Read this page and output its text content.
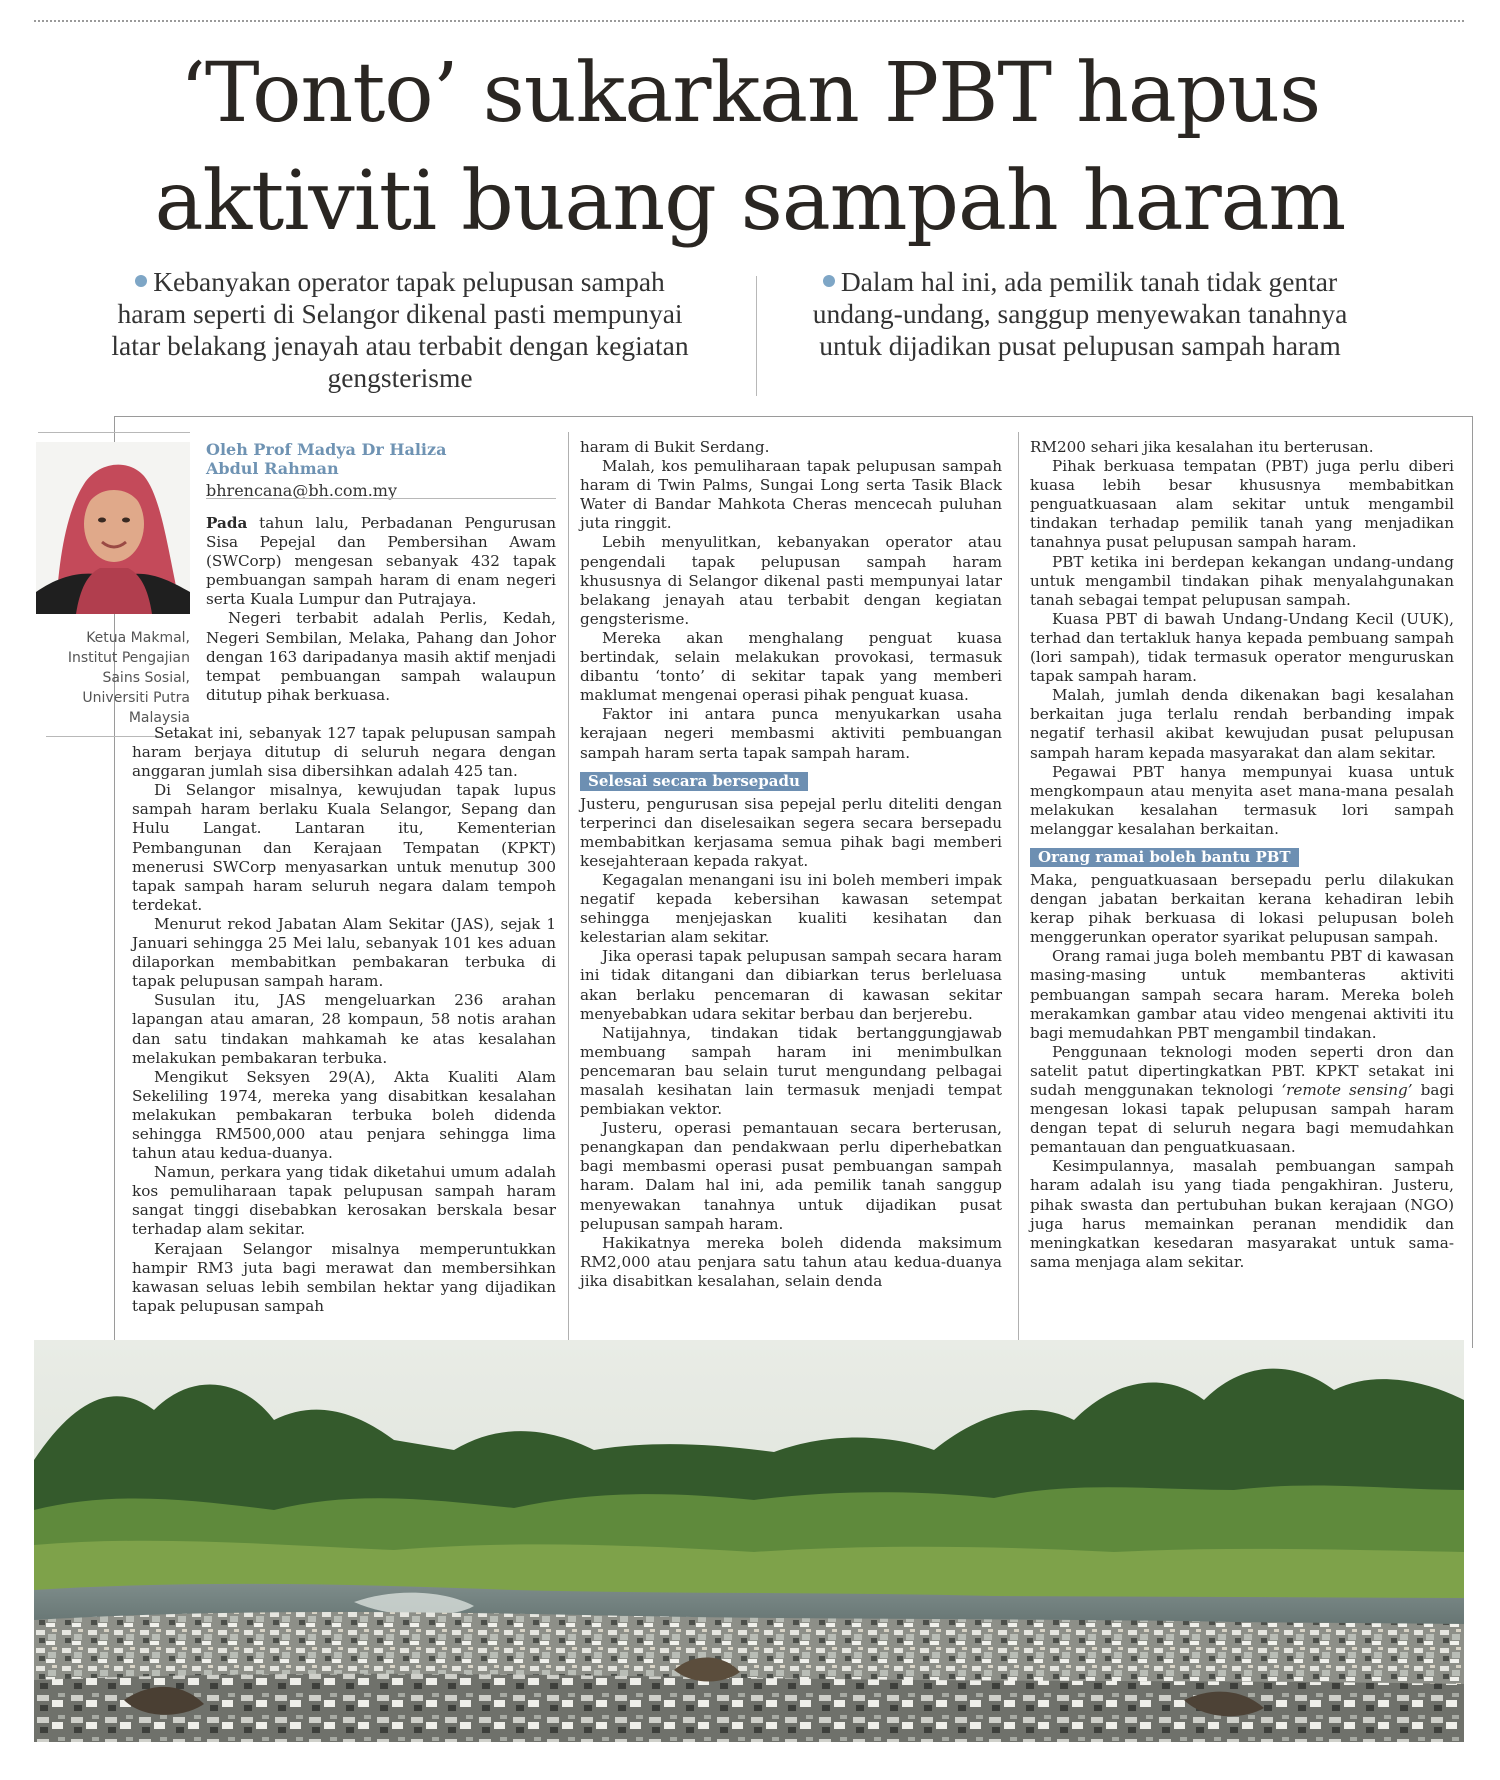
‘Tonto’ sukarkan PBT hapus
aktiviti buang sampah haram
Kebanyakan operator tapak pelupusan sampah haram seperti di Selangor dikenal pasti mempunyai latar belakang jenayah atau terbabit dengan kegiatan gengsterisme
Dalam hal ini, ada pemilik tanah tidak gentar undang-undang, sanggup menyewakan tanahnya untuk dijadikan pusat pelupusan sampah haram
Ketua Makmal,
Institut Pengajian
Sains Sosial,
Universiti Putra
Malaysia
Oleh Prof Madya Dr Haliza
Abdul Rahman
bhrencana@bh.com.my

Pada tahun lalu, Perbadanan Pengurusan Sisa Pepejal dan Pembersihan Awam (SWCorp) mengesan sebanyak 432 tapak pembuangan sampah haram di enam negeri serta Kuala Lumpur dan Putrajaya.

Negeri terbabit adalah Perlis, Kedah, Negeri Sembilan, Melaka, Pahang dan Johor dengan 163 daripadanya masih aktif menjadi tempat pembuangan sampah walaupun ditutup pihak berkuasa.

Setakat ini, sebanyak 127 tapak pelupusan sampah haram berjaya ditutup di seluruh negara dengan anggaran jumlah sisa dibersihkan adalah 425 tan.

Di Selangor misalnya, kewujudan tapak lupus sampah haram berlaku Kuala Selangor, Sepang dan Hulu Langat. Lantaran itu, Kementerian Pembangunan dan Kerajaan Tempatan (KPKT) menerusi SWCorp menyasarkan untuk menutup 300 tapak sampah haram seluruh negara dalam tempoh terdekat.

Menurut rekod Jabatan Alam Sekitar (JAS), sejak 1 Januari sehingga 25 Mei lalu, sebanyak 101 kes aduan dilaporkan membabitkan pembakaran terbuka di tapak pelupusan sampah haram.

Susulan itu, JAS mengeluarkan 236 arahan lapangan atau amaran, 28 kompaun, 58 notis arahan dan satu tindakan mahkamah ke atas kesalahan melakukan pembakaran terbuka.

Mengikut Seksyen 29(A), Akta Kualiti Alam Sekeliling 1974, mereka yang disabitkan kesalahan melakukan pembakaran terbuka boleh didenda sehingga RM500,000 atau penjara sehingga lima tahun atau kedua-duanya.

Namun, perkara yang tidak diketahui umum adalah kos pemuliharaan tapak pelupusan sampah haram sangat tinggi disebabkan kerosakan berskala besar terhadap alam sekitar.

Kerajaan Selangor misalnya memperuntukkan hampir RM3 juta bagi merawat dan membersihkan kawasan seluas lebih sembilan hektar yang dijadikan tapak pelupusan sampah

haram di Bukit Serdang.

Malah, kos pemuliharaan tapak pelupusan sampah haram di Twin Palms, Sungai Long serta Tasik Black Water di Bandar Mahkota Cheras mencecah puluhan juta ringgit.

Lebih menyulitkan, kebanyakan operator atau pengendali tapak pelupusan sampah haram khususnya di Selangor dikenal pasti mempunyai latar belakang jenayah atau terbabit dengan kegiatan gengsterisme.

Mereka akan menghalang penguat kuasa bertindak, selain melakukan provokasi, termasuk dibantu ‘tonto’ di sekitar tapak yang memberi maklumat mengenai operasi pihak penguat kuasa.

Faktor ini antara punca menyukarkan usaha kerajaan negeri membasmi aktiviti pembuangan sampah haram serta tapak sampah haram.

Selesai secara bersepadu

Justeru, pengurusan sisa pepejal perlu diteliti dengan terperinci dan diselesaikan segera secara bersepadu membabitkan kerjasama semua pihak bagi memberi kesejahteraan kepada rakyat.

Kegagalan menangani isu ini boleh memberi impak negatif kepada kebersihan kawasan setempat sehingga menjejaskan kualiti kesihatan dan kelestarian alam sekitar.

Jika operasi tapak pelupusan sampah secara haram ini tidak ditangani dan dibiarkan terus berleluasa akan berlaku pencemaran di kawasan sekitar menyebabkan udara sekitar berbau dan berjerebu.

Natijahnya, tindakan tidak bertanggungjawab membuang sampah haram ini menimbulkan pencemaran bau selain turut mengundang pelbagai masalah kesihatan lain termasuk menjadi tempat pembiakan vektor.

Justeru, operasi pemantauan secara berterusan, penangkapan dan pendakwaan perlu diperhebatkan bagi membasmi operasi pusat pembuangan sampah haram. Dalam hal ini, ada pemilik tanah sanggup menyewakan tanahnya untuk dijadikan pusat pelupusan sampah haram.

Hakikatnya mereka boleh didenda maksimum RM2,000 atau penjara satu tahun atau kedua-duanya jika disabitkan kesalahan, selain denda

RM200 sehari jika kesalahan itu berterusan.

Pihak berkuasa tempatan (PBT) juga perlu diberi kuasa lebih besar khususnya membabitkan penguatkuasaan alam sekitar untuk mengambil tindakan terhadap pemilik tanah yang menjadikan tanahnya pusat pelupusan sampah haram.

PBT ketika ini berdepan kekangan undang-undang untuk mengambil tindakan pihak menyalahgunakan tanah sebagai tempat pelupusan sampah.

Kuasa PBT di bawah Undang-Undang Kecil (UUK), terhad dan tertakluk hanya kepada pembuang sampah (lori sampah), tidak termasuk operator menguruskan tapak sampah haram.

Malah, jumlah denda dikenakan bagi kesalahan berkaitan juga terlalu rendah berbanding impak negatif terhasil akibat kewujudan pusat pelupusan sampah haram kepada masyarakat dan alam sekitar.

Pegawai PBT hanya mempunyai kuasa untuk mengkompaun atau menyita aset mana-mana pesalah melakukan kesalahan termasuk lori sampah melanggar kesalahan berkaitan.

Orang ramai boleh bantu PBT

Maka, penguatkuasaan bersepadu perlu dilakukan dengan jabatan berkaitan kerana kehadiran lebih kerap pihak berkuasa di lokasi pelupusan boleh menggerunkan operator syarikat pelupusan sampah.

Orang ramai juga boleh membantu PBT di kawasan masing-masing untuk membanteras aktiviti pembuangan sampah secara haram. Mereka boleh merakamkan gambar atau video mengenai aktiviti itu bagi memudahkan PBT mengambil tindakan.

Penggunaan teknologi moden seperti dron dan satelit patut dipertingkatkan PBT. KPKT setakat ini sudah menggunakan teknologi ‘remote sensing’ bagi mengesan lokasi tapak pelupusan sampah haram dengan tepat di seluruh negara bagi memudahkan pemantauan dan penguatkuasaan.

Kesimpulannya, masalah pembuangan sampah haram adalah isu yang tiada pengakhiran. Justeru, pihak swasta dan pertubuhan bukan kerajaan (NGO) juga harus memainkan peranan mendidik dan meningkatkan kesedaran masyarakat untuk sama-sama menjaga alam sekitar.
